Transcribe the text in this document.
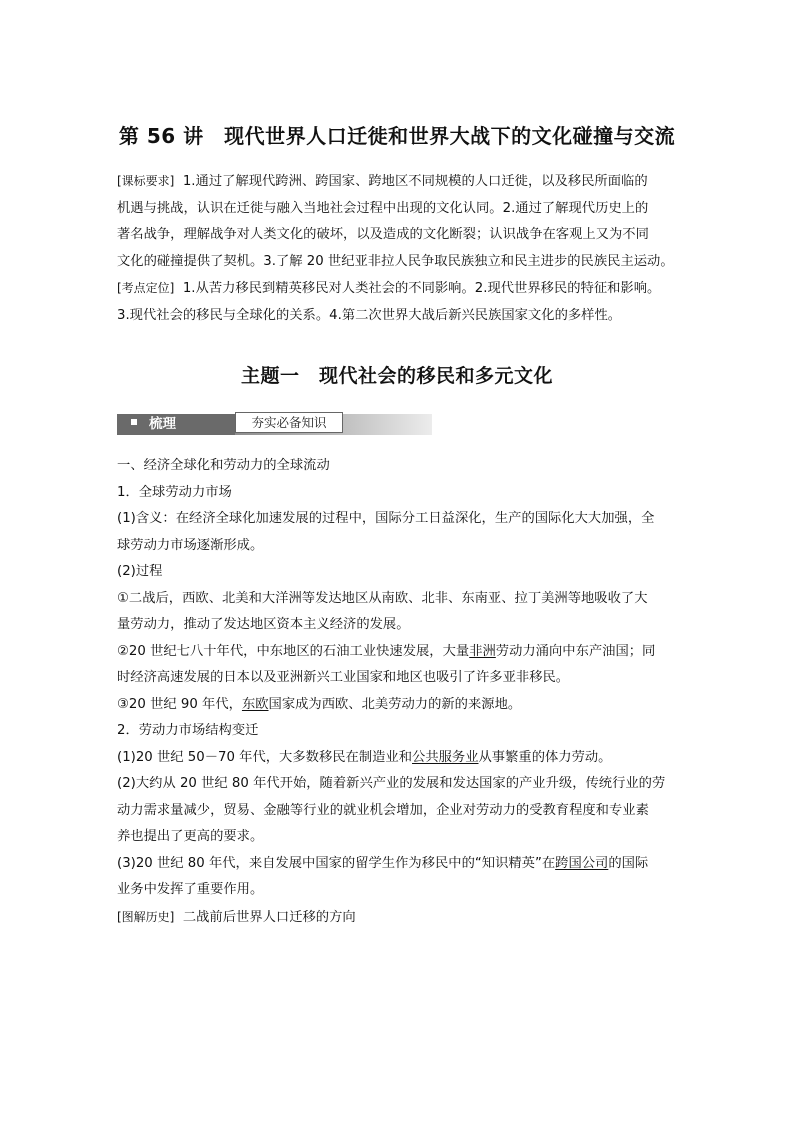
第 56 讲　现代世界人口迁徙和世界大战下的文化碰撞与交流
[课标要求] 1.通过了解现代跨洲、跨国家、跨地区不同规模的人口迁徙，以及移民所面临的
机遇与挑战，认识在迁徙与融入当地社会过程中出现的文化认同。2.通过了解现代历史上的
著名战争，理解战争对人类文化的破坏，以及造成的文化断裂；认识战争在客观上又为不同
文化的碰撞提供了契机。3.了解 20 世纪亚非拉人民争取民族独立和民主进步的民族民主运动。
[考点定位] 1.从苦力移民到精英移民对人类社会的不同影响。2.现代世界移民的特征和影响。
3.现代社会的移民与全球化的关系。4.第二次世界大战后新兴民族国家文化的多样性。
主题一　现代社会的移民和多元文化
梳理	夯实必备知识
一、经济全球化和劳动力的全球流动
1．全球劳动力市场
(1)含义：在经济全球化加速发展的过程中，国际分工日益深化，生产的国际化大大加强，全
球劳动力市场逐渐形成。
(2)过程
①二战后，西欧、北美和大洋洲等发达地区从南欧、北非、东南亚、拉丁美洲等地吸收了大
量劳动力，推动了发达地区资本主义经济的发展。
②20 世纪七八十年代，中东地区的石油工业快速发展，大量非洲劳动力涌向中东产油国；同
时经济高速发展的日本以及亚洲新兴工业国家和地区也吸引了许多亚非移民。
③20 世纪 90 年代，东欧国家成为西欧、北美劳动力的新的来源地。
2．劳动力市场结构变迁
(1)20 世纪 50－70 年代，大多数移民在制造业和公共服务业从事繁重的体力劳动。
(2)大约从 20 世纪 80 年代开始，随着新兴产业的发展和发达国家的产业升级，传统行业的劳
动力需求量减少，贸易、金融等行业的就业机会增加，企业对劳动力的受教育程度和专业素
养也提出了更高的要求。
(3)20 世纪 80 年代，来自发展中国家的留学生作为移民中的“知识精英”在跨国公司的国际
业务中发挥了重要作用。
[图解历史] 二战前后世界人口迁移的方向
